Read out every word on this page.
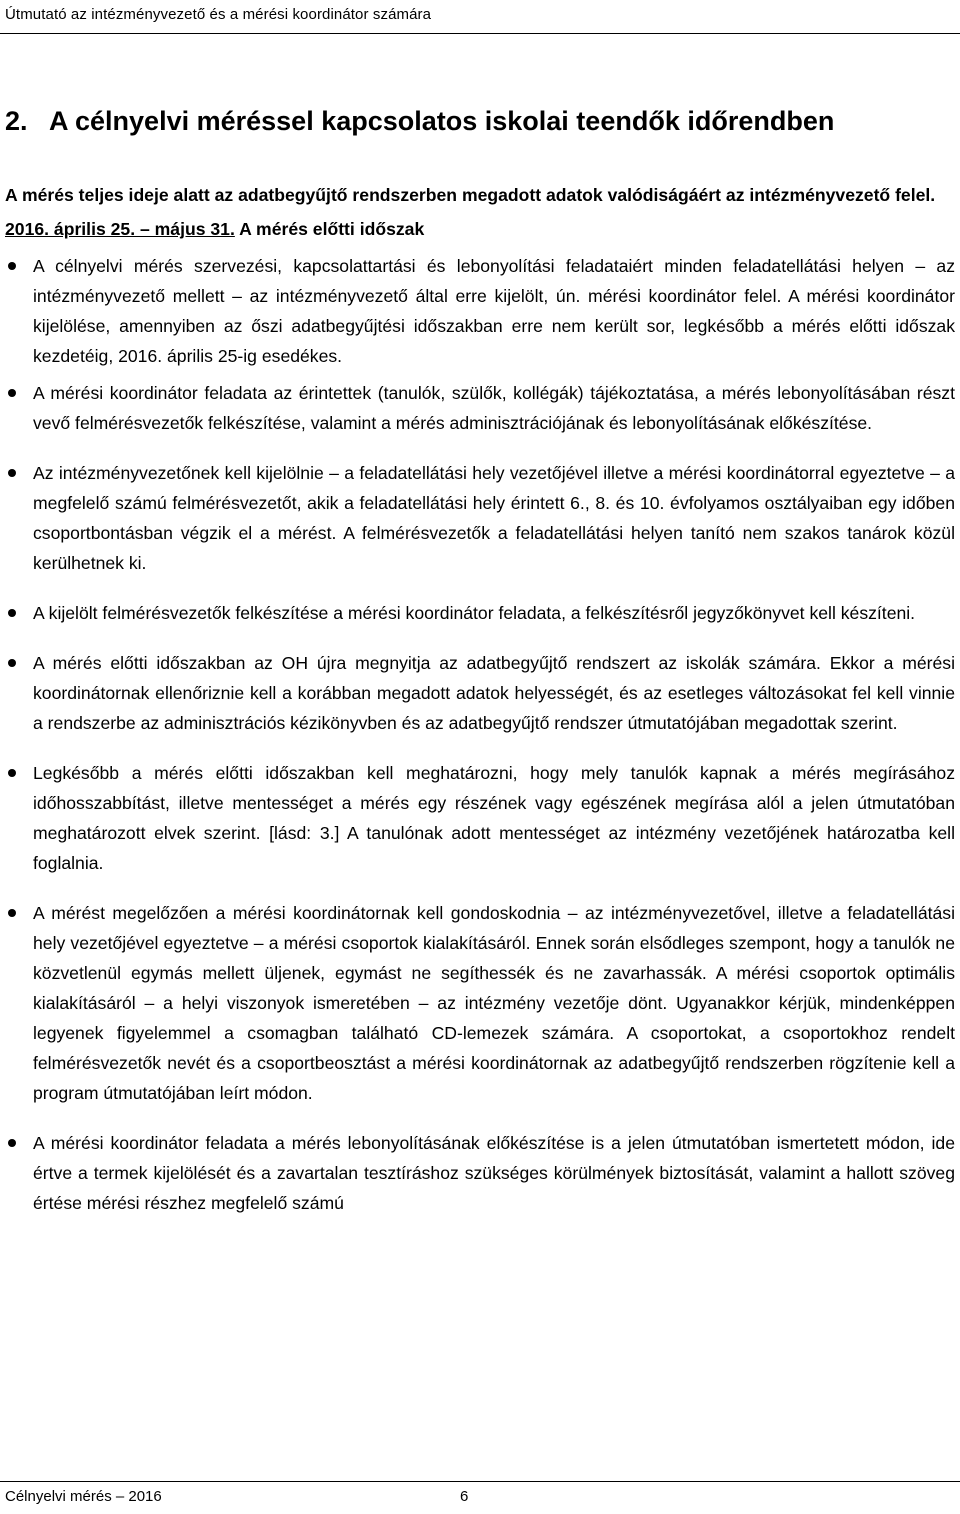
Útmutató az intézményvezető és a mérési koordinátor számára
2.   A célnyelvi méréssel kapcsolatos iskolai teendők időrendben

A mérés teljes ideje alatt az adatbegyűjtő rendszerben megadott adatok valódiságáért az intézményvezető felel.

2016. április 25. – május 31. A mérés előtti időszak

A célnyelvi mérés szervezési, kapcsolattartási és lebonyolítási feladataiért minden feladatellátási helyen – az intézményvezető mellett – az intézményvezető által erre kijelölt, ún. mérési koordinátor felel. A mérési koordinátor kijelölése, amennyiben az őszi adatbegyűjtési időszakban erre nem került sor, legkésőbb a mérés előtti időszak kezdetéig, 2016. április 25-ig esedékes.
A mérési koordinátor feladata az érintettek (tanulók, szülők, kollégák) tájékoztatása, a mérés lebonyolításában részt vevő felmérésvezetők felkészítése, valamint a mérés adminisztrációjának és lebonyolításának előkészítése.
Az intézményvezetőnek kell kijelölnie – a feladatellátási hely vezetőjével illetve a mérési koordinátorral egyeztetve – a megfelelő számú felmérésvezetőt, akik a feladatellátási hely érintett 6., 8. és 10. évfolyamos osztályaiban egy időben csoportbontásban végzik el a mérést. A felmérésvezetők a feladatellátási helyen tanító nem szakos tanárok közül kerülhetnek ki.
A kijelölt felmérésvezetők felkészítése a mérési koordinátor feladata, a felkészítésről jegyzőkönyvet kell készíteni.
A mérés előtti időszakban az OH újra megnyitja az adatbegyűjtő rendszert az iskolák számára. Ekkor a mérési koordinátornak ellenőriznie kell a korábban megadott adatok helyességét, és az esetleges változásokat fel kell vinnie a rendszerbe az adminisztrációs kézikönyvben és az adatbegyűjtő rendszer útmutatójában megadottak szerint.
Legkésőbb a mérés előtti időszakban kell meghatározni, hogy mely tanulók kapnak a mérés megírásához időhosszabbítást, illetve mentességet a mérés egy részének vagy egészének megírása alól a jelen útmutatóban meghatározott elvek szerint. [lásd: 3.] A tanulónak adott mentességet az intézmény vezetőjének határozatba kell foglalnia.
A mérést megelőzően a mérési koordinátornak kell gondoskodnia – az intézményvezetővel, illetve a feladatellátási hely vezetőjével egyeztetve – a mérési csoportok kialakításáról. Ennek során elsődleges szempont, hogy a tanulók ne közvetlenül egymás mellett üljenek, egymást ne segíthessék és ne zavarhassák. A mérési csoportok optimális kialakításáról – a helyi viszonyok ismeretében – az intézmény vezetője dönt. Ugyanakkor kérjük, mindenképpen legyenek figyelemmel a csomagban található CD-lemezek számára. A csoportokat, a csoportokhoz rendelt felmérésvezetők nevét és a csoportbeosztást a mérési koordinátornak az adatbegyűjtő rendszerben rögzítenie kell a program útmutatójában leírt módon.
A mérési koordinátor feladata a mérés lebonyolításának előkészítése is a jelen útmutatóban ismertetett módon, ide értve a termek kijelölését és a zavartalan tesztíráshoz szükséges körülmények biztosítását, valamint a hallott szöveg értése mérési részhez megfelelő számú
Célnyelvi mérés – 2016	6
